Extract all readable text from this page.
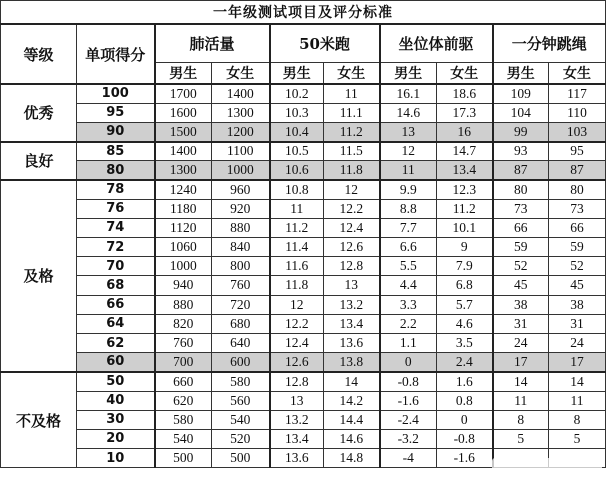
一年级测试项目及评分标准									
等级	单项得分	肺活量		50米跑		坐位体前驱		一分钟跳绳	
		男生	女生	男生	女生	男生	女生	男生	女生
优秀	100	1700	1400	10.2	11	16.1	18.6	109	117
	95	1600	1300	10.3	11.1	14.6	17.3	104	110
	90	1500	1200	10.4	11.2	13	16	99	103
良好	85	1400	1100	10.5	11.5	12	14.7	93	95
	80	1300	1000	10.6	11.8	11	13.4	87	87
及格	78	1240	960	10.8	12	9.9	12.3	80	80
	76	1180	920	11	12.2	8.8	11.2	73	73
	74	1120	880	11.2	12.4	7.7	10.1	66	66
	72	1060	840	11.4	12.6	6.6	9	59	59
	70	1000	800	11.6	12.8	5.5	7.9	52	52
	68	940	760	11.8	13	4.4	6.8	45	45
	66	880	720	12	13.2	3.3	5.7	38	38
	64	820	680	12.2	13.4	2.2	4.6	31	31
	62	760	640	12.4	13.6	1.1	3.5	24	24
	60	700	600	12.6	13.8	0	2.4	17	17
不及格	50	660	580	12.8	14	-0.8	1.6	14	14
	40	620	560	13	14.2	-1.6	0.8	11	11
	30	580	540	13.2	14.4	-2.4	0	8	8
	20	540	520	13.4	14.6	-3.2	-0.8	5	5
	10	500	500	13.6	14.8	-4	-1.6		
